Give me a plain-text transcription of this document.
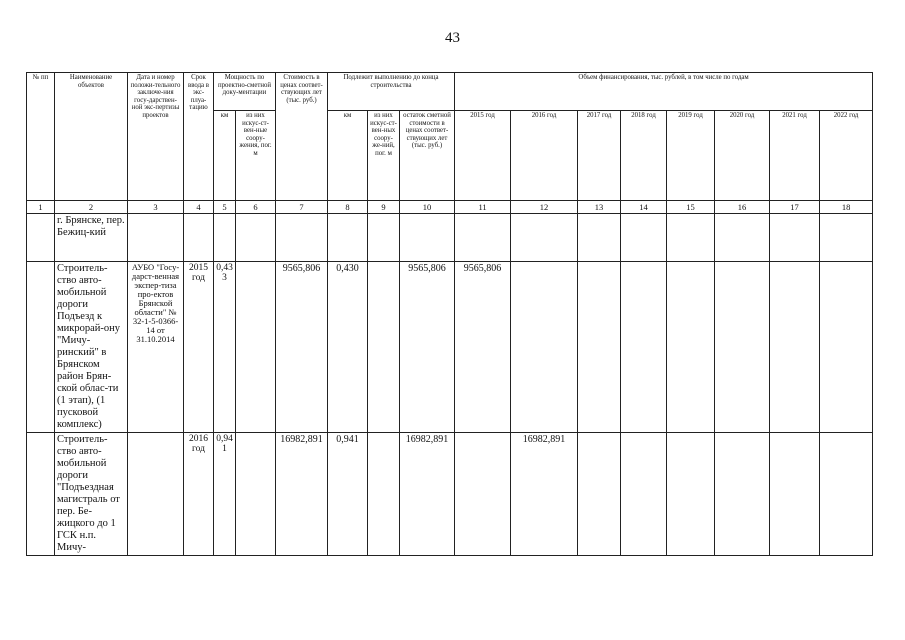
43
№ пп	Наименование объектов	Дата и номер положи-тельного заключе-ния госу-дарствен-ной экс-пертизы проектов	Срок ввода в экс-плуа-тацию	Мощность по проектно-сметной доку-ментации		Стоимость в ценах соответ-ствующих лет (тыс. руб.)	Подлежит выполнению до конца строительства			Объем финансирования, тыс. рублей, в том числе по годам							
				км	из них искус-ст-вен-ные соору-жения, пог. м		км	из них искус-ст-вен-ных соору-же-ний, пог. м	остаток сметной стоимости в ценах соответ-ствующих лет (тыс. руб.)	2015 год	2016 год	2017 год	2018 год	2019 год	2020 год	2021 год	2022 год
1	2	3	4	5	6	7	8	9	10	11	12	13	14	15	16	17	18
	г. Брянске, пер. Бежиц-кий																
	Строитель-ство авто-мобильной дороги Подъезд к микрорай-ону "Мичу-ринский" в Брянском район Брян-ской облас-ти (1 этап), (1 пусковой комплекс)	АУБО "Госу-дарст-венная экспер-тиза про-ектов Брянской области" № 32-1-5-0366-14 от 31.10.2014	2015 год	0,43 3		9565,806	0,430		9565,806	9565,806							
	Строитель-ство авто-мобильной дороги "Подъездная магистраль от пер. Бе-жицкого до 1 ГСК н.п. Мичу-		2016 год	0,94 1		16982,891	0,941		16982,891		16982,891						
